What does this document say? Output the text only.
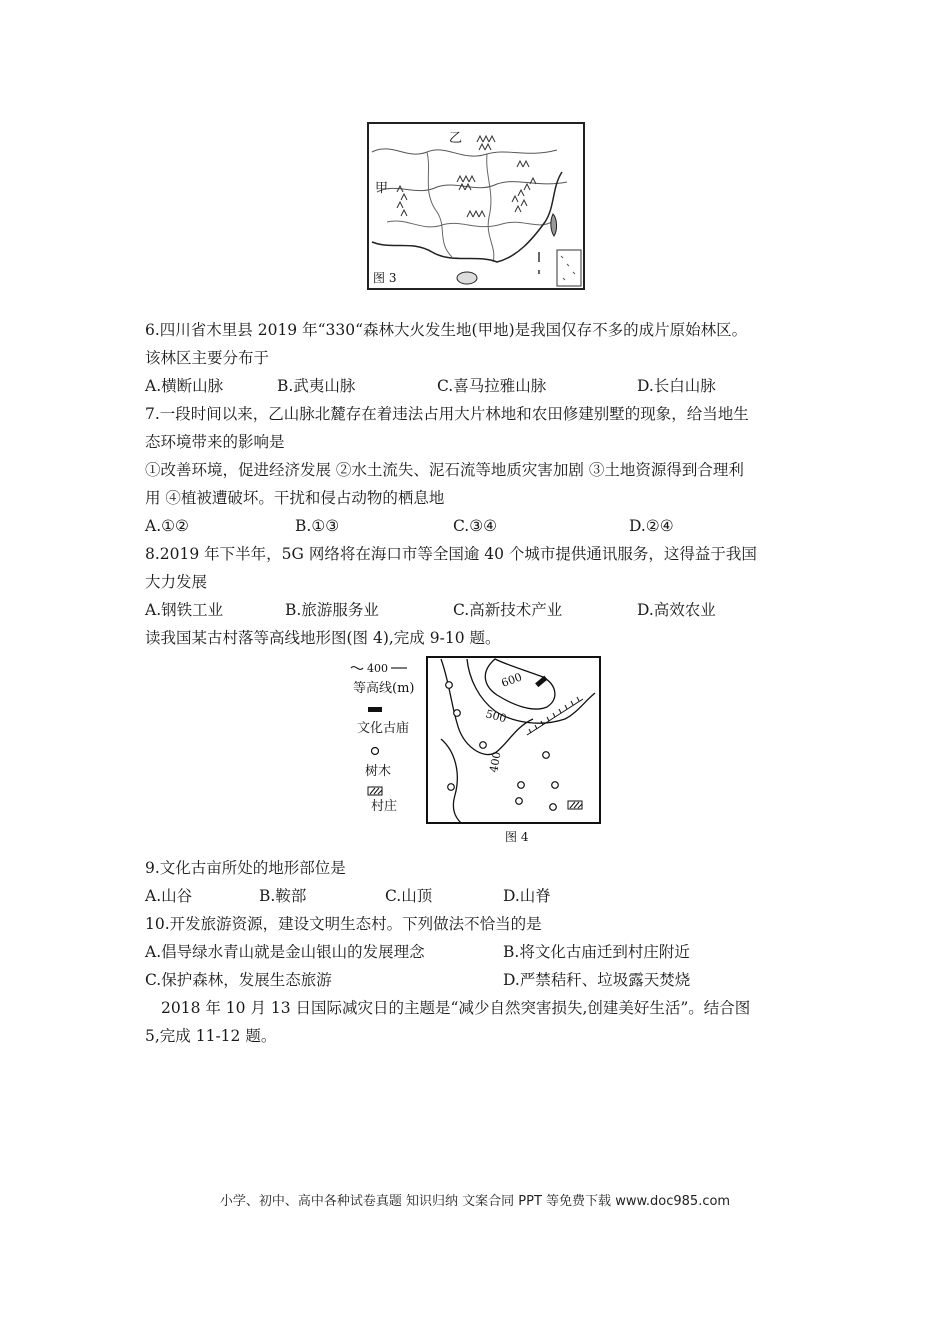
甲
乙
图 3
6.四川省木里县 2019 年“330“森林大火发生地(甲地)是我国仅存不多的成片原始林区。
该林区主要分布于
A.横断山脉	B.武夷山脉	C.喜马拉雅山脉	D.长白山脉
7.一段时间以来，乙山脉北麓存在着违法占用大片林地和农田修建别墅的现象，给当地生
态环境带来的影响是
①改善环境，促进经济发展 ②水土流失、泥石流等地质灾害加剧 ③土地资源得到合理利
用 ④植被遭破坏。干扰和侵占动物的栖息地
A.①②	B.①③	C.③④	D.②④
8.2019 年下半年，5G 网络将在海口市等全国逾 40 个城市提供通讯服务，这得益于我国
大力发展
A.钢铁工业	B.旅游服务业	C.高新技术产业	D.高效农业
读我国某古村落等高线地形图(图 4),完成 9-10 题。
400
等高线(m)
文化古庙
树木
村庄
600
500
400
图 4
9.文化古亩所处的地形部位是
A.山谷	B.鞍部	C.山顶	D.山脊
10.开发旅游资源，建设文明生态村。下列做法不恰当的是
A.倡导绿水青山就是金山银山的发展理念	B.将文化古庙迁到村庄附近
C.保护森林，发展生态旅游	D.严禁秸秆、垃圾露天焚烧
2018 年 10 月 13 日国际减灾日的主题是“减少自然突害损失,创建美好生活”。结合图
5,完成 11-12 题。
小学、初中、高中各种试卷真题 知识归纳 文案合同 PPT 等免费下载 www.doc985.com
